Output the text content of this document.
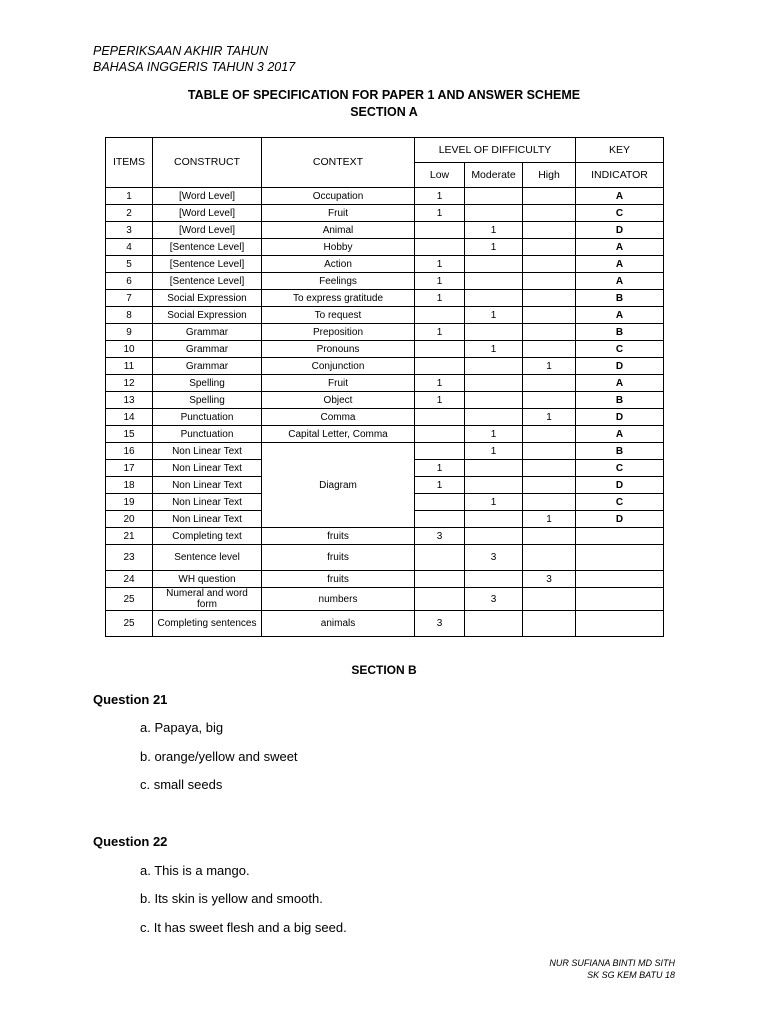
PEPERIKSAAN AKHIR TAHUN
BAHASA INGGERIS TAHUN 3 2017
TABLE OF SPECIFICATION FOR PAPER 1 AND ANSWER SCHEME
SECTION A
ITEMS	CONSTRUCT	CONTEXT	LEVEL OF DIFFICULTY			KEY
			Low	Moderate	High	INDICATOR
1	[Word Level]	Occupation	1			A
2	[Word Level]	Fruit	1			C
3	[Word Level]	Animal		1		D
4	[Sentence Level]	Hobby		1		A
5	[Sentence Level]	Action	1			A
6	[Sentence Level]	Feelings	1			A
7	Social Expression	To express gratitude	1			B
8	Social Expression	To request		1		A
9	Grammar	Preposition	1			B
10	Grammar	Pronouns		1		C
11	Grammar	Conjunction			1	D
12	Spelling	Fruit	1			A
13	Spelling	Object	1			B
14	Punctuation	Comma			1	D
15	Punctuation	Capital Letter, Comma		1		A
16	Non Linear Text	Diagram		1		B
17	Non Linear Text		1			C
18	Non Linear Text		1			D
19	Non Linear Text			1		C
20	Non Linear Text				1	D
21	Completing text	fruits	3			
23	Sentence level	fruits		3		
24	WH question	fruits			3	
25	Numeral and word form	numbers		3		
25	Completing sentences	animals	3			
SECTION B
Question 21
a. Papaya, big
b. orange/yellow and sweet
c. small seeds
Question 22
a. This is a mango.
b. Its skin is yellow and smooth.
c. It has sweet flesh and a big seed.
NUR SUFIANA BINTI MD SITH
SK SG KEM BATU 18
